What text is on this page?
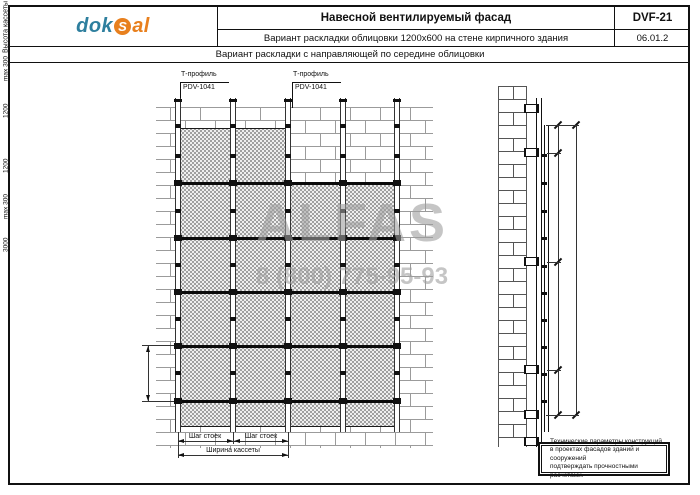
dok S al	Навесной вентилируемый фасад	DVF-21
Вариант раскладки облицовки 1200х600 на стене кирпичного здания	06.01.2
Вариант раскладки с направляющей по середине облицовки
Т-профиль
PDV-1041
Т-профиль
PDV-1041
Высота кассеты
Шаг стоек	Шаг стоек
Ширина кассеты
max 300
1200
1200
max 300
3000	ALFAS
8 (800) 775-95-93
Технические параметры конструкций
в проектах фасадов зданий и сооружений
подтверждать прочностными расчетами.
